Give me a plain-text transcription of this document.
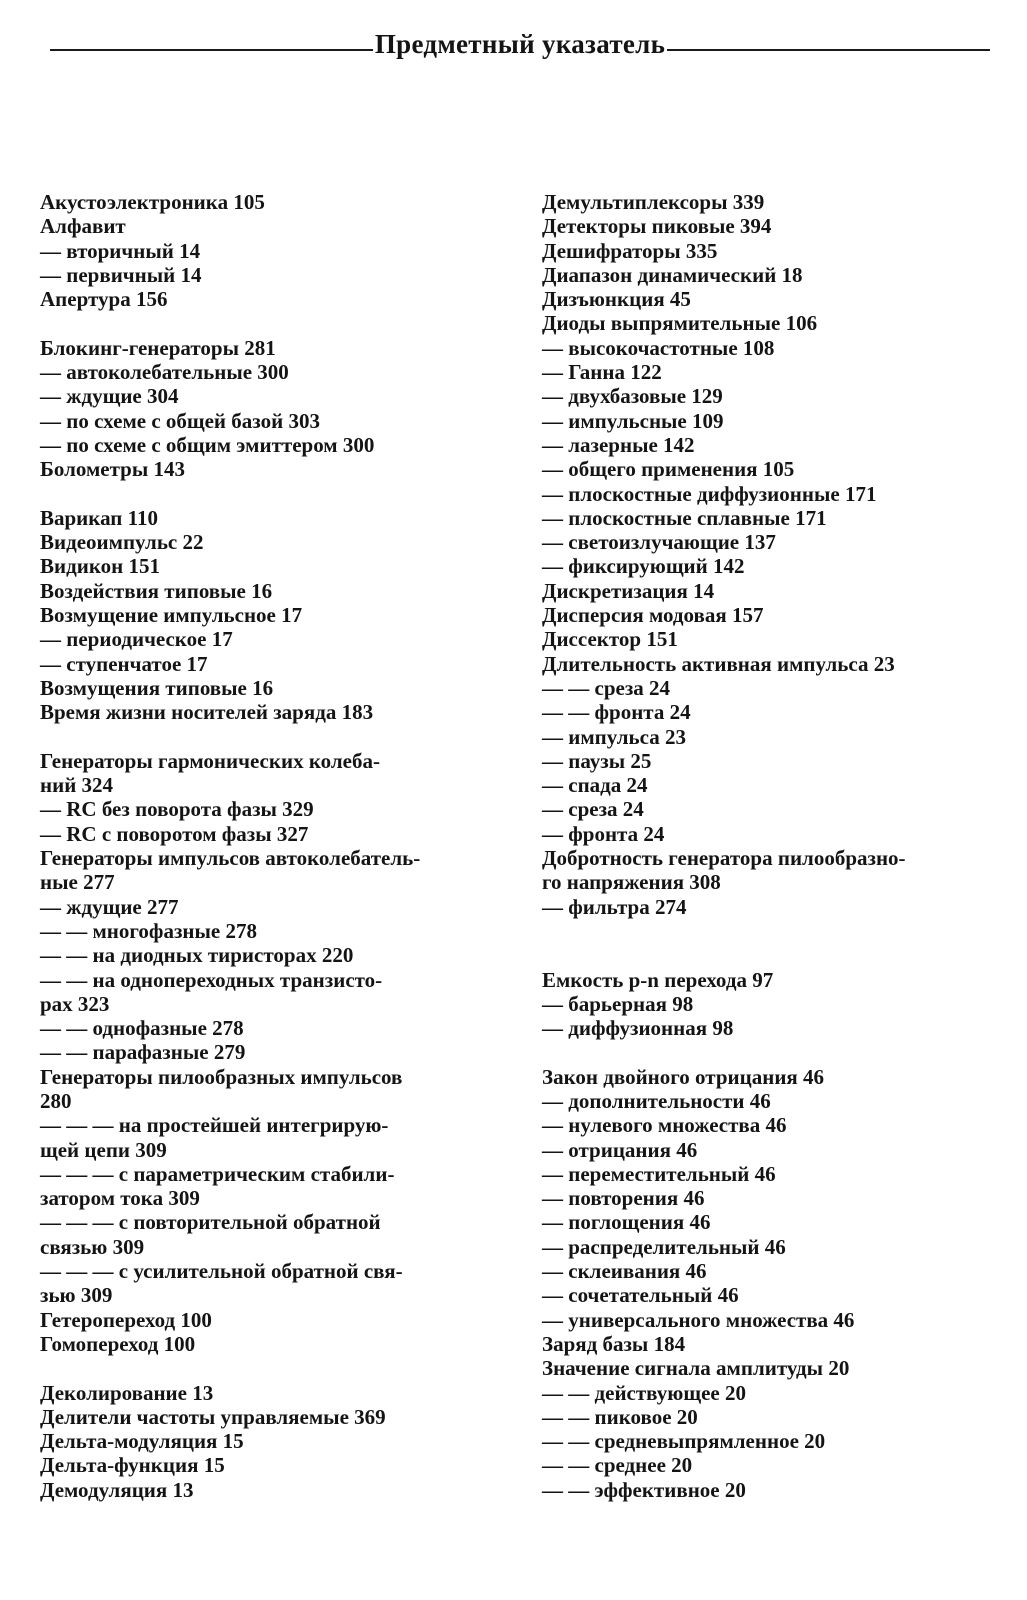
Предметный указатель
Акустоэлектроника 105
Алфавит
— вторичный 14
— первичный 14
Апертура 156
Блокинг-генераторы 281
— автоколебательные 300
— ждущие 304
— по схеме с общей базой 303
— по схеме с общим эмиттером 300
Болометры 143
Варикап 110
Видеоимпульс 22
Видикон 151
Воздействия типовые 16
Возмущение импульсное 17
— периодическое 17
— ступенчатое 17
Возмущения типовые 16
Время жизни носителей заряда 183
Генераторы гармонических колеба-
ний 324
— RC без поворота фазы 329
— RC с поворотом фазы 327
Генераторы импульсов автоколебатель-
ные 277
— ждущие 277
— — многофазные 278
— — на диодных тиристорах 220
— — на однопереходных транзисто-
рах 323
— — однофазные 278
— — парафазные 279
Генераторы пилообразных импульсов
280
— — — на простейшей интегрирую-
щей цепи 309
— — — с параметрическим стабили-
затором тока 309
— — — с повторительной обратной
связью 309
— — — с усилительной обратной свя-
зью 309
Гетеропереход 100
Гомопереход 100
Деколирование 13
Делители частоты управляемые 369
Дельта-модуляция 15
Дельта-функция 15
Демодуляция 13
Демультиплексоры 339
Детекторы пиковые 394
Дешифраторы 335
Диапазон динамический 18
Дизъюнкция 45
Диоды выпрямительные 106
— высокочастотные 108
— Ганна 122
— двухбазовые 129
— импульсные 109
— лазерные 142
— общего применения 105
— плоскостные диффузионные 171
— плоскостные сплавные 171
— светоизлучающие 137
— фиксирующий 142
Дискретизация 14
Дисперсия модовая 157
Диссектор 151
Длительность активная импульса 23
— — среза 24
— — фронта 24
— импульса 23
— паузы 25
— спада 24
— среза 24
— фронта 24
Добротность генератора пилообразно-
го напряжения 308
— фильтра 274
Емкость p-n перехода 97
— барьерная 98
— диффузионная 98
Закон двойного отрицания 46
— дополнительности 46
— нулевого множества 46
— отрицания 46
— переместительный 46
— повторения 46
— поглощения 46
— распределительный 46
— склеивания 46
— сочетательный 46
— универсального множества 46
Заряд базы 184
Значение сигнала амплитуды 20
— — действующее 20
— — пиковое 20
— — средневыпрямленное 20
— — среднее 20
— — эффективное 20
